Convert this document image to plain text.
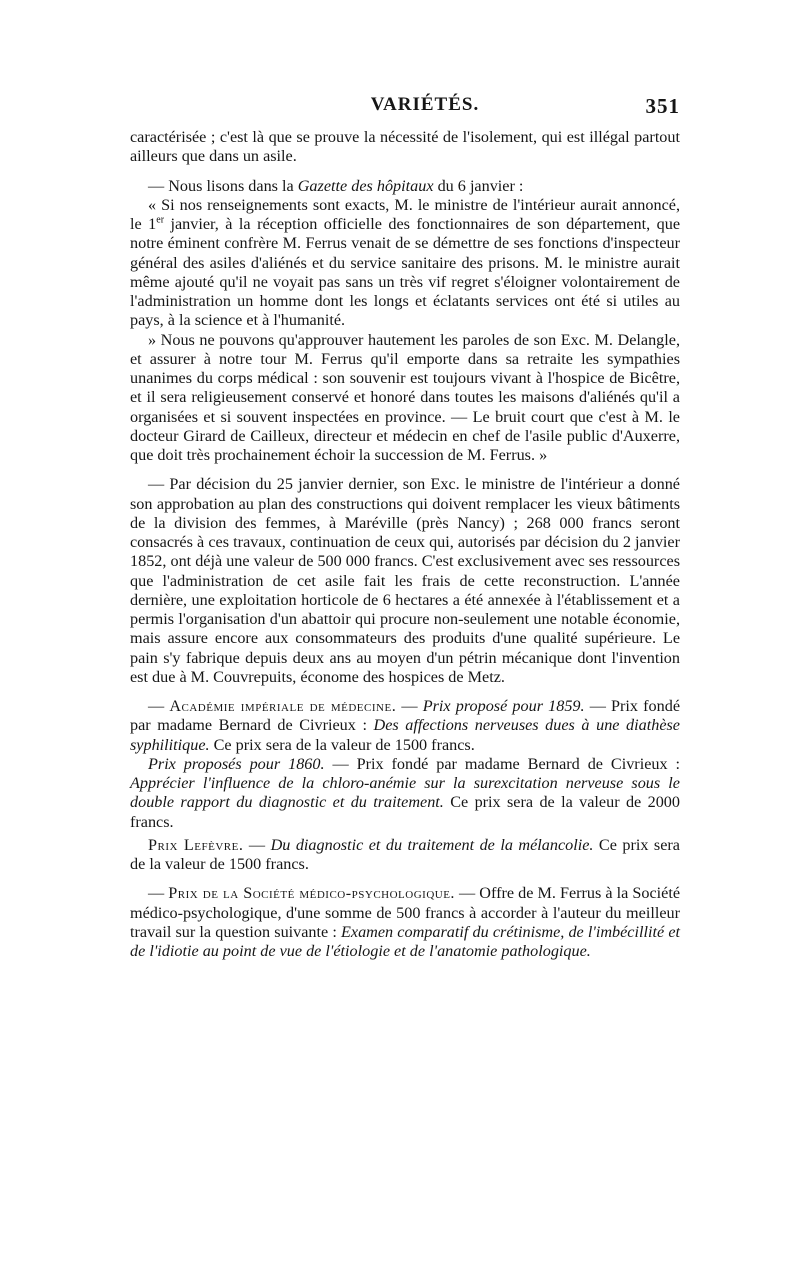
VARIÉTÉS.	351

caractérisée ; c'est là que se prouve la nécessité de l'isolement, qui est illégal partout ailleurs que dans un asile.

— Nous lisons dans la Gazette des hôpitaux du 6 janvier :

« Si nos renseignements sont exacts, M. le ministre de l'intérieur aurait annoncé, le 1er janvier, à la réception officielle des fonctionnaires de son département, que notre éminent confrère M. Ferrus venait de se démettre de ses fonctions d'inspecteur général des asiles d'aliénés et du service sanitaire des prisons. M. le ministre aurait même ajouté qu'il ne voyait pas sans un très vif regret s'éloigner volontairement de l'administration un homme dont les longs et éclatants services ont été si utiles au pays, à la science et à l'humanité.

» Nous ne pouvons qu'approuver hautement les paroles de son Exc. M. Delangle, et assurer à notre tour M. Ferrus qu'il emporte dans sa retraite les sympathies unanimes du corps médical : son souvenir est toujours vivant à l'hospice de Bicêtre, et il sera religieusement conservé et honoré dans toutes les maisons d'aliénés qu'il a organisées et si souvent inspectées en province. — Le bruit court que c'est à M. le docteur Girard de Cailleux, directeur et médecin en chef de l'asile public d'Auxerre, que doit très prochainement échoir la succession de M. Ferrus. »

— Par décision du 25 janvier dernier, son Exc. le ministre de l'intérieur a donné son approbation au plan des constructions qui doivent remplacer les vieux bâtiments de la division des femmes, à Maréville (près Nancy) ; 268 000 francs seront consacrés à ces travaux, continuation de ceux qui, autorisés par décision du 2 janvier 1852, ont déjà une valeur de 500 000 francs. C'est exclusivement avec ses ressources que l'administration de cet asile fait les frais de cette reconstruction. L'année dernière, une exploitation horticole de 6 hectares a été annexée à l'établissement et a permis l'organisation d'un abattoir qui procure non-seulement une notable économie, mais assure encore aux consommateurs des produits d'une qualité supérieure. Le pain s'y fabrique depuis deux ans au moyen d'un pétrin mécanique dont l'invention est due à M. Couvrepuits, économe des hospices de Metz.

— Académie impériale de médecine. — Prix proposé pour 1859. — Prix fondé par madame Bernard de Civrieux : Des affections nerveuses dues à une diathèse syphilitique. Ce prix sera de la valeur de 1500 francs.

Prix proposés pour 1860. — Prix fondé par madame Bernard de Civrieux : Apprécier l'influence de la chloro-anémie sur la surexcitation nerveuse sous le double rapport du diagnostic et du traitement. Ce prix sera de la valeur de 2000 francs.

Prix Lefèvre. — Du diagnostic et du traitement de la mélancolie. Ce prix sera de la valeur de 1500 francs.

— Prix de la Société médico-psychologique. — Offre de M. Ferrus à la Société médico-psychologique, d'une somme de 500 francs à accorder à l'auteur du meilleur travail sur la question suivante : Examen comparatif du crétinisme, de l'imbécillité et de l'idiotie au point de vue de l'étiologie et de l'anatomie pathologique.
